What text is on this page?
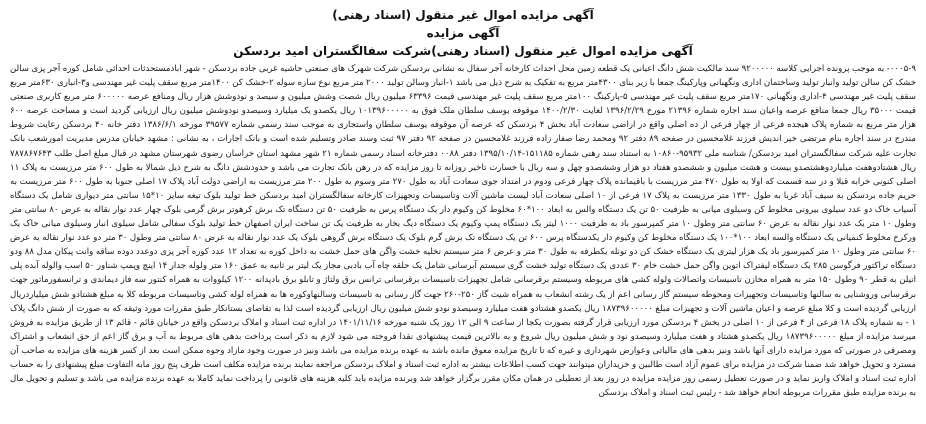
آگهی مزایده اموال غیر منقول (اسناد رهنی)
آگهی مزایده
آگهی مزایده اموال غیر منقول (اسناد رهنی)شرکت سفالگستران امید بردسکن
۰۰۰۵-۹- به موجب پرونده اجرایی کلاسه ۹۲۰۰۰۰۰ سند مالکیت شش دانگ اعیانی یک قطعه زمین محل احداث کارخانه آجر سفال به نشانی بردسکن شرکت شهرک های صنعتی حاشیه غربی جاده بردسکن - شهر ابادمستحدثات احداثی شامل کوره آجر پزی سالن خشک کن سالن تولید وانبار تولید وساختمان اداری ونگهبانی وپارکینگ جمعا با زیر بنای ۴۳۰۰متر مربع به تفکیک به شرح ذیل می باشد ۱-انبار وسالن تولید ۲۰۰۰ متر مربع نوع سازه سوله ۲-خشک کن ۱۴۰۰متر مربع سقف پلیت غیر مهندسی و۳-انباری ۶۳۰متر مربع سقف پلیت غیر مهندسی ۴-اداری ونگهبانی ۱۷۰متر مربع سقف پلیت غیر مهندسی ۵-پارکینگ ۱۰۰متر مربع سقف پلیت غیر مهندسی قیمت ۶۳۳۹۶ میلیون ریال شصت وشش میلیون و سیصد و نودوشش هزار ریال ومنافع عرصه ۶۰۰۰۰۰ متر مربع کاربری صنعتی قیمت ۳۵۰۰۰ ریال جمعا منافع عرصه واعیان سند اجاره شماره ۲۱۳۹۶ مورخ ۱۳۹۶/۲/۲۹ لغایت ۱۴۰۰/۲/۳۰ موقوفه یوسف سلطان ملک فوق به ۱۰۱۳۹۶۰۰۰۰۰ ریال یکصدو یک میلیارد وسیصدو نودوشش میلیون ریال ارزیابی گردید است و مساحت عرصه ۶۰۰ هزار متر مربع به شماره پلاک هیجده فرعی از چهار فرعی از ده اصلی واقع در اراضی سعادت آباد بخش ۴ بردسکن که عرصه آن موقوفه یوسف سلطان واستجاری به موجب سند رسمی شماره ۳۹۵۷۷ مورخه ۱۳۸۶/۶/۱ دفتر خانه ۴۰ بردسکن رعایت شروط مندرج در سند اجاره بنام مرتضی خیر اندیش فرزند غلامحسین در صفحه ۸۹ دفتر ۹۲ ومحمد رضا صفار زاده فرزند غلامحسین در صفحه ۹۲ دفتر ۹۷ ثبت وسند صادر وتسلیم شده است و بانک اجارات ، به نشانی : مشهد خیابان مدرس مدیریت امورشعب بانک تجارت علیه شرکت سفالگستران امید بردسکن/ شناسه ملی ۹۵۹۳۲-۱۰۸۶۰ به استناد سند رهنی شماره ۱۵۱۱۸۵-۱۳۹۵/۱۰/۱۴ دفتر ۰۰۸۸ دفترخانه اسناد رسمی شماره ۲۱ شهر مشهد استان خراسان رضوی شهرستان مشهد در قبال مبلغ اصل طلب ۷۸۷۸۶۷۶۴۳ ریال هشتادوهفت میلیاردوهشتصدو بیست و هشت میلیون و ششصدو هفتاد دو هزار وششصدو چهل و سه ریال با خسارت تاخیر روزانه تا روز مزایده که در رهن بانک تجارت می باشد و حدودشش دانگ به شرح ذیل شمالا به طول ۶۰۰ متر مرزیست به پلاک ۱۱ اصلی کنونی خرابه قبلا و در سه قسمت که اولا به طول ۴۷۰ متر مرزیست با باقیمانده پلاک چهار فرعی ودوم در امتداد جوی سعادت آباد به طول ۲۷۰ متر وسوم به طول ۲۰۰ متر مرزیست به اراضی دولت آباد پلاک ۱۷ اصلی جنوبا به طول ۶۰۰ متر مرزیست به حریم جاده بردسکن به سیف آباد غربا به طول ۱۳۳۰ متر مرزیست به پلاک ۱۷ فرعی از ۱۰ اصلی سعادت آباد لیست ماشین آلات وتاسیسات وتجهیزات کارخانه سفالگستران امید بردسکن خط تولید بلوک تیغه سایز ۱۰*۱۵ سانتی متر دیواری شامل یک دستگاه آسیاب خاک دو عدد سیلوی بیرونی مخلوط کن وسیلوی میانی به ظرفیت ۵۰ تن یک دستگاه والس به ابعاد ۱۰۰*۶۰ مخلوط کن وکیوم دار یک دستگاه پرس به ظرفیت ۵۰ تن دستگاه تک برش کرهوتر برش گرمی بلوک چهار عدد نوار نقاله به عرض ۸۰ سانتی متر وطول ۱۰ متر یک عدد نوار نقاله به عرض ۶۰ سانتی متر وطول ۱۰ متر کمپرسور باد به ظرفیت ۱۰۰۰ لیتر یک دستگاه پمپ وکیوم یک دستگاه دیگ بخار به ظرفیت یک تن ساخت ایران اصفهان خط تولید بلوک سفالی شامل سیلوی انبار وسیلوی میانی خاک یک ورکرخ مخلوط کنمیانی یک دستگاه والسه ابعاد ۱۰۰*۱۰۰ یک دستگاه مخلوط کن وکیوم دار یکدستگاه پرس ۶۰۰ تن یک دستگاه تک برش گرم بلوک یک دستگاه برش گروهی بلوک یک عدد نوار نقاله به عرض ۸۰ سانتی متر وطول ۳۰ متر دو عدد نوار نقاله به عرض ۶۰ سانتی متر وطول ۱۰ متر کمپرسور باد یک هزار لیتری یک دستگاه خشک کن دو تونله یکطرفه به طول ۳۰ متر و عرض ۶ متر سیستم تخلیه خشت واگن های حمل خشت به داخل کوره به تعداد ۱۲ عدد کوره آجر پزی دوعدد دوده ساقه وانت پیکان مدل ۸۸ ودو دستگاه تراکتور فرگوسن ۲۸۵ یک دستگاه لیفتراک اتوین واگن حمل خشت خام ۳۰ عددی یک دستگاه تولید خشت گری سیستم آبرسانی شامل یک حلقه چاه آب بادبی مجاز یک لیتر بر ثانیه به عمق ۱۶۰ متر ولوله جدار ۱۴ اینچ وپمپ شناور ۵۰ اسب والوله آبده پلی اتیلن به قطر ۹۰ وطول ۱۵۰ متر به همراه مخازن تاسیسات واتصالات ولوله کشی های مربوطه وسیستم برقرسانی شامل تجهیزات تاسیسات برقرسانی ترانس برق ولتاژ و تابلو برق بادپدانه ۱۲۰۰ کیلووات به همراه کنتور سه فاز دیماندی و ترانسفورماتور جهت برقرسانی وروشنایی به سالنها وتاسیسات وتجهیزات ومحوطه سیستم گاز رسانی اعم از یک رشته انشعاب به همراه شیت گاز ۲۵۰-۲۶۰ جهت گاز رسانی به تاسیسات وسالنهاوکوره ها به همراه لوله کشی وتاسیسات مربوطه کلا به مبلغ هشتادو شش میلیاردریال ارزیابی گردیده است و کلا مبلغ عرصه و اعیان ماشین آلات و تجهیزات مبلغ ۱۸۷۳۹۶۰۰۰۰۰ ریال یکصدو هشتادو هفت میلیارد وسیصدو نودو شش میلیون ریال ارزیابی گردیده است لذا به تقاضای بستانکار طبق مقررات مورد وثیقه که به صورت از شش دانگ پلاک ۱ - به شماره پلاک ۱۸ فرعی از ۴ فرعی از ۱۰ اصلی در بخش ۴ بردسکن مورد ارزیابی قرار گرفته بصورت یکجا از ساعت ۹ الی ۱۲ روز یک شنبه مورخه ۱۴۰۱/۱۱/۱۶ در اداره ثبت اسناد و املاک بردسکن واقع در خیابان قائم - قائم ۱۳ از طریق مزایده به فروش میرسد مزایده از مبلغ ۱۸۷۳۹۶۰۰۰۰۰ ریال یکصدو هشتاد و هفت میلیارد وسیصدو نود و شش میلیون ریال شروع و به بالاترین قیمت پیشنهادی نقدا فروخته می شود لازم به ذکر است پرداخت بدهی های مربوط به آب و برق گاز اعم از حق انشعاب و اشتراک ومصرفی در صورتی که مورد مزایده دارای آنها باشد ونیز بدهی های مالیاتی وعوارض شهرداری و غیره که تا تاریخ مزایده معوق مانده باشد به عهده برنده مزایده می باشد ونیز در صورت وجود مازاد وجوه ممکن است بعد از کسر هزینه های مزایده به صاحب آن مسترد و تحویل خواهد شد ضمنا شرکت در مزایده برای عموم آزاد است طالبین و خریداران میتوانند جهت کسب اطلاعات بیشتر به اداره ثبت اسناد و املاک بردسکن مراجعه نمایند برنده مزایده مکلف است ظرف پنج روز مابه التفاوت مبلغ پیشنهادی را به حساب اداره ثبت اسناد و املاک واریز نماید و در صورت تعطیل رسمی روز مزایده مزایده در روز بعد از تعطیلی در همان مکان مقرر برگزار خواهد شد وبرنده مزایده باید کلیه هزینه های قانونی را پرداخت نماید کاملا به عهده برنده مزایده می باشد و تسلیم و تحویل مال به برنده مزایده طبق مقررات مربوطه انجام خواهد شد - رئیس ثبت اسناد و املاک بردسکن
